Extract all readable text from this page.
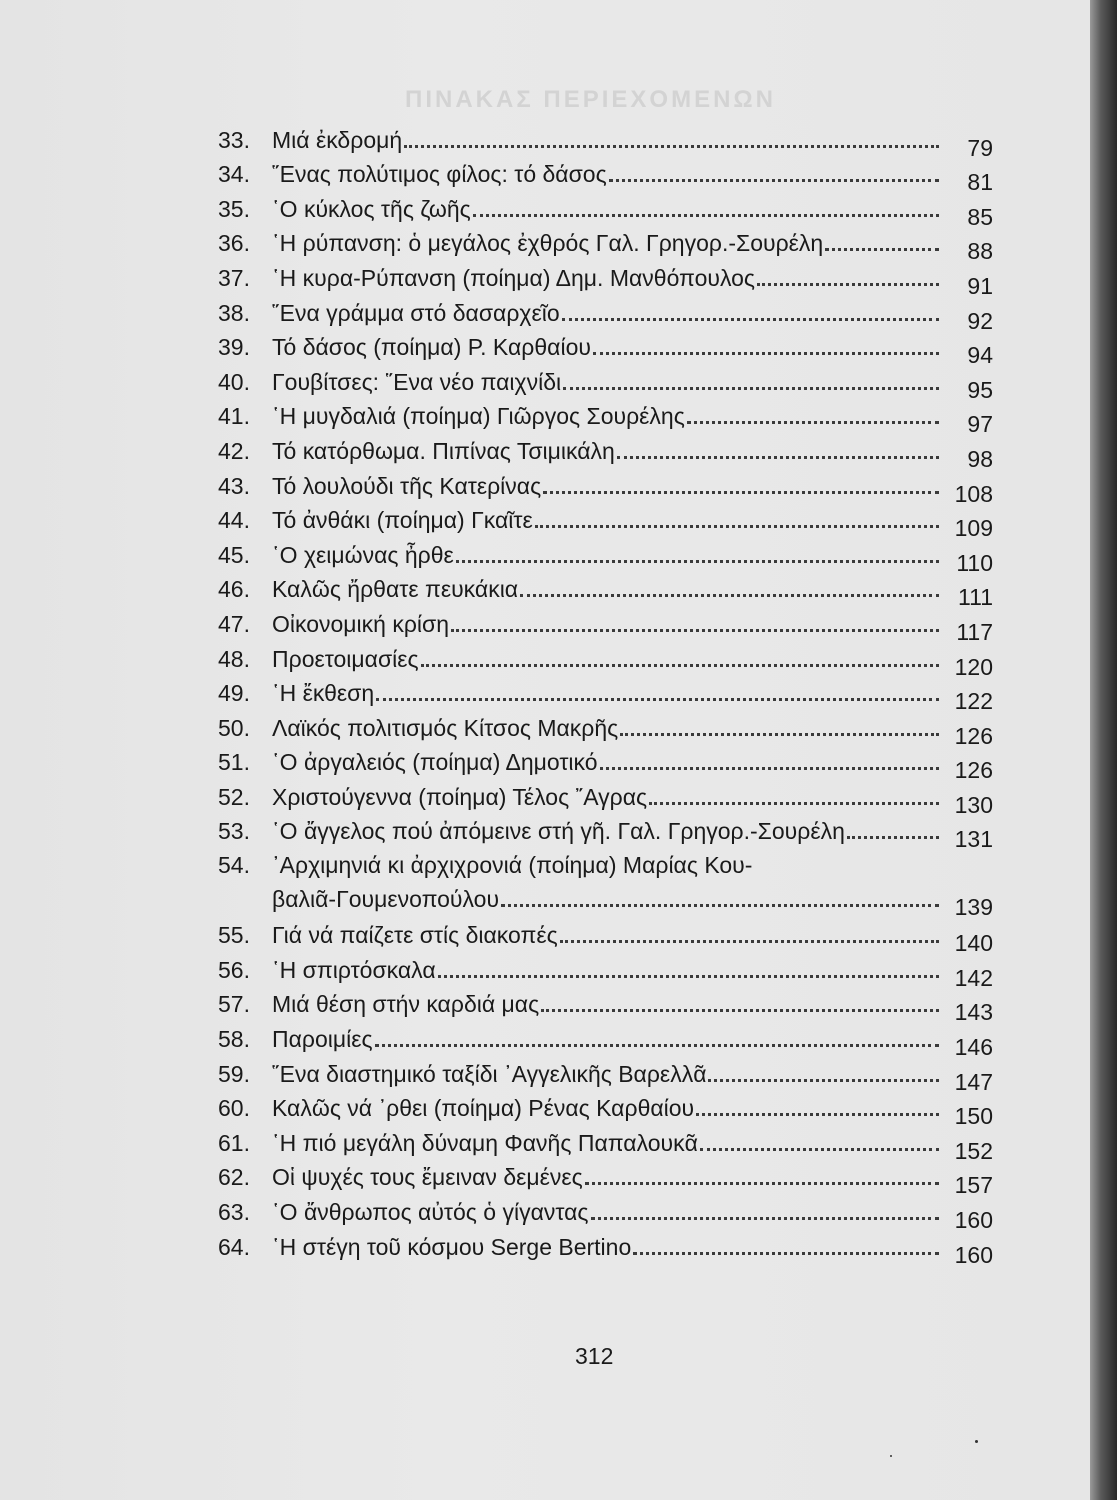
ΠΙΝΑΚΑΣ ΠΕΡΙΕΧΟΜΕΝΩΝ
33. Μιά ἐκδρομή	79
34. ῞Ενας πολύτιμος φίλος: τό δάσος	81
35. ῾Ο κύκλος τῆς ζωῆς	85
36. ῾Η ρύπανση: ὁ μεγάλος ἐχθρός Γαλ. Γρηγορ.-Σουρέλη	88
37. ῾Η κυρα-Ρύπανση (ποίημα) Δημ. Μανθόπουλος	91
38. ῞Ενα γράμμα στό δασαρχεῖο	92
39. Τό δάσος (ποίημα) Ρ. Καρθαίου	94
40. Γουβίτσες: ῞Ενα νέο παιχνίδι	95
41. ῾Η μυγδαλιά (ποίημα) Γιῶργος Σουρέλης	97
42. Τό κατόρθωμα. Πιπίνας Τσιμικάλη	98
43. Τό λουλούδι τῆς Κατερίνας	108
44. Τό ἀνθάκι (ποίημα) Γκαῖτε	109
45. ῾Ο χειμώνας ἦρθε	110
46. Καλῶς ἤρθατε πευκάκια	111
47. Οἰκονομική κρίση	117
48. Προετοιμασίες	120
49. ῾Η ἔκθεση	122
50. Λαϊκός πολιτισμός Κίτσος Μακρῆς	126
51. ῾Ο ἀργαλειός (ποίημα) Δημοτικό	126
52. Χριστούγεννα (ποίημα) Τέλος ῎Αγρας	130
53. ῾Ο ἄγγελος πού ἀπόμεινε στή γῆ. Γαλ. Γρηγορ.-Σουρέλη	131
54. ᾿Αρχιμηνιά κι ἀρχιχρονιά (ποίημα) Μαρίας Κου-
βαλιᾶ-Γουμενοπούλου	139
55. Γιά νά παίζετε στίς διακοπές	140
56. ῾Η σπιρτόσκαλα	142
57. Μιά θέση στήν καρδιά μας	143
58. Παροιμίες	146
59. ῞Ενα διαστημικό ταξίδι ᾿Αγγελικῆς Βαρελλᾶ	147
60. Καλῶς νά ᾿ρθει (ποίημα) Ρένας Καρθαίου	150
61. ῾Η πιό μεγάλη δύναμη Φανῆς Παπαλουκᾶ	152
62. Οἱ ψυχές τους ἔμειναν δεμένες	157
63. ῾Ο ἄνθρωπος αὐτός ὁ γίγαντας	160
64. ῾Η στέγη τοῦ κόσμου Serge Bertino	160
312
